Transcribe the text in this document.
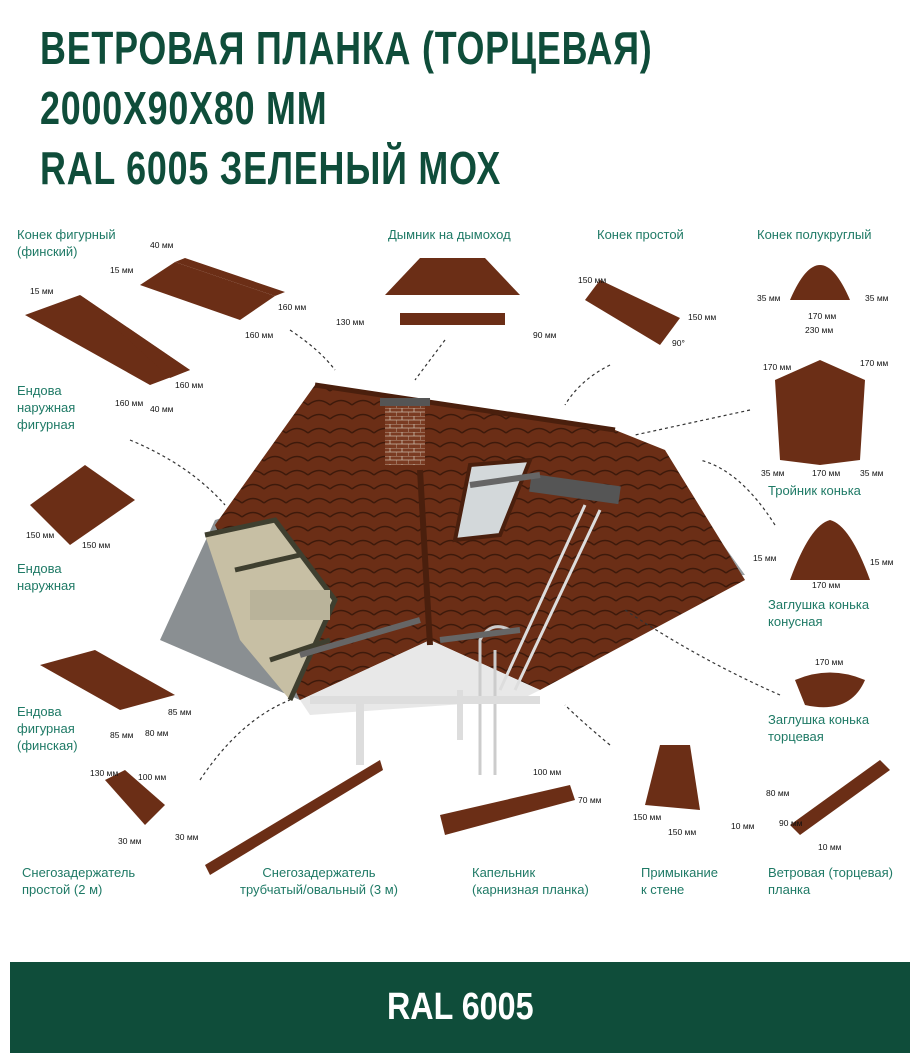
ВЕТРОВАЯ ПЛАНКА (ТОРЦЕВАЯ)
2000Х90Х80 ММ
RAL 6005 ЗЕЛЕНЫЙ МОХ
Конек фигурный
(финский)
Дымник на дымоход	Конек простой	Конек полукруглый
Ендова
наружная
фигурная
Тройник конька
Ендова
наружная
Заглушка конька
конусная
Ендова
фигурная
(финская)
Заглушка конька
торцевая
Снегозадержатель
простой (2 м)
Снегозадержатель
трубчатый/овальный (3 м)
Капельник
(карнизная планка)
Примыкание
к стене
Ветровая (торцевая)
планка
40 мм
15 мм
160 мм
160 мм
15 мм
160 мм
40 мм
160 мм
130 мм
90 мм
150 мм
150 мм
90°
35 мм	35 мм
170 мм
230 мм
170 мм	170 мм
35 мм	170 мм 35 мм
150 мм
150 мм
15 мм	15 мм
170 мм
170 мм
85 мм 80 мм
85 мм
130 мм 100 мм
30 мм	30 мм
100 мм
70 мм
150 мм
150 мм
80 мм
90 мм
10 мм
10 мм
RAL 6005
